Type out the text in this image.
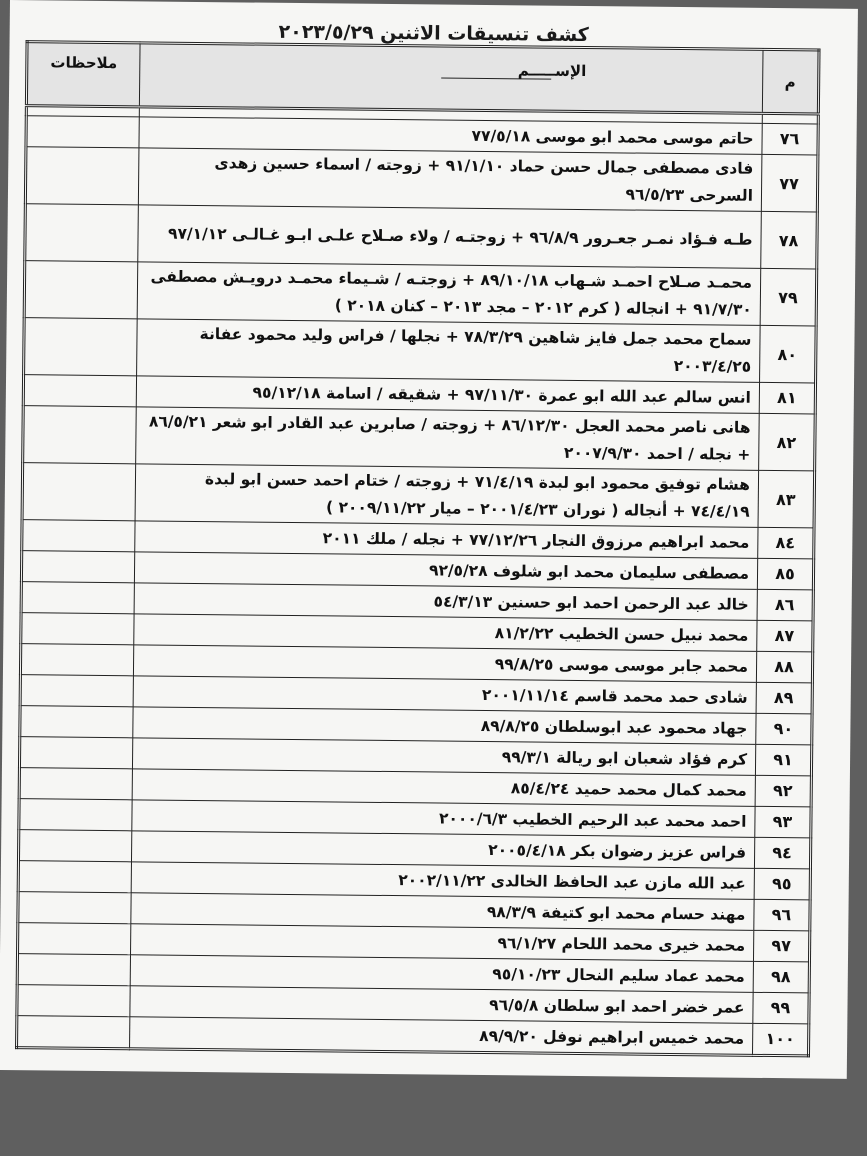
كشف تنسيقات الاثنين ٢٠٢٣/٥/٢٩
م	الإســـــم	ملاحظات

٧٦	حاتم موسى محمد ابو موسى ٧٧/٥/١٨	
٧٧	فادى مصطفى جمال حسن حماد ٩١/١/١٠ + زوجته / اسماء حسين زهدى السرحى ٩٦/٥/٢٣	
٧٨	طـه فـؤاد نمـر جعـرور ٩٦/٨/٩ + زوجتـه / ولاء صـلاح علـى ابـو غـالـى ٩٧/١/١٢	
٧٩	محمـد صـلاح احمـد شـهاب ٨٩/١٠/١٨ + زوجتـه / شـيماء محمـد درويـش مصطفى ٩١/٧/٣٠ + انجاله ( كرم ٢٠١٢ – مجد ٢٠١٣ – كنان ٢٠١٨ )	
٨٠	سماح محمد جمل فايز شاهين ٧٨/٣/٢٩ + نجلها / فراس وليد محمود عفانة ٢٠٠٣/٤/٢٥	
٨١	انس سالم عبد الله ابو عمرة ٩٧/١١/٣٠ + شقيقه / اسامة ٩٥/١٢/١٨	
٨٢	هانى ناصر محمد العجل ٨٦/١٢/٣٠ + زوجته / صابرين عبد القادر ابو شعر ٨٦/٥/٢١ + نجله / احمد ٢٠٠٧/٩/٣٠	
٨٣	هشام توفيق محمود ابو لبدة ٧١/٤/١٩ + زوجته / ختام احمد حسن ابو لبدة ٧٤/٤/١٩ + أنجاله ( نوران ٢٠٠١/٤/٢٣ – ميار ٢٠٠٩/١١/٢٢ )	
٨٤	محمد ابراهيم مرزوق النجار ٧٧/١٢/٢٦ + نجله / ملك ٢٠١١	
٨٥	مصطفى سليمان محمد ابو شلوف ٩٢/٥/٢٨	
٨٦	خالد عبد الرحمن احمد ابو حسنين ٥٤/٣/١٣	
٨٧	محمد نبيل حسن الخطيب ٨١/٢/٢٢	
٨٨	محمد جابر موسى موسى ٩٩/٨/٢٥	
٨٩	شادى حمد محمد قاسم ٢٠٠١/١١/١٤	
٩٠	جهاد محمود عبد ابوسلطان ٨٩/٨/٢٥	
٩١	كرم فؤاد شعبان ابو ريالة ٩٩/٣/١	
٩٢	محمد كمال محمد حميد ٨٥/٤/٢٤	
٩٣	احمد محمد عبد الرحيم الخطيب ٢٠٠٠/٦/٣	
٩٤	فراس عزيز رضوان بكر ٢٠٠٥/٤/١٨	
٩٥	عبد الله مازن عبد الحافظ الخالدى ٢٠٠٢/١١/٢٢	
٩٦	مهند حسام محمد ابو كتيفة ٩٨/٣/٩	
٩٧	محمد خيرى محمد اللحام ٩٦/١/٢٧	
٩٨	محمد عماد سليم النحال ٩٥/١٠/٢٣	
٩٩	عمر خضر احمد ابو سلطان ٩٦/٥/٨	
١٠٠	محمد خميس ابراهيم نوفل ٨٩/٩/٢٠	
